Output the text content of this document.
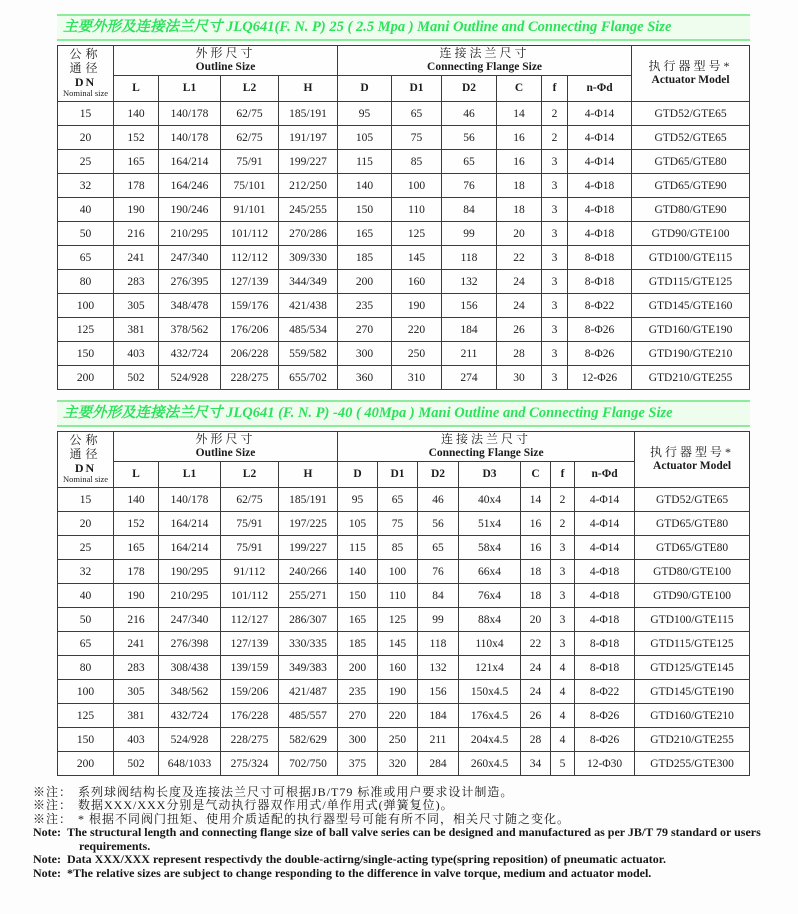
主要外形及连接法兰尺寸 JLQ641(F. N. P) 25 ( 2.5 Mpa ) Mani Outline and Connecting Flange Size
公称
通径
DN
Nominal size

外形尺寸
Outline Size

连接法兰尺寸
Connecting Flange Size	执行器型号*
Actuator Model

	L	L1	L2	H	D	D1	D2	C	f	n-Φd	
15	140	140/178	62/75	185/191	95	65	46	14	2	4-Φ14	GTD52/GTE65
20	152	140/178	62/75	191/197	105	75	56	16	2	4-Φ14	GTD52/GTE65
25	165	164/214	75/91	199/227	115	85	65	16	3	4-Φ14	GTD65/GTE80
32	178	164/246	75/101	212/250	140	100	76	18	3	4-Φ18	GTD65/GTE90
40	190	190/246	91/101	245/255	150	110	84	18	3	4-Φ18	GTD80/GTE90
50	216	210/295	101/112	270/286	165	125	99	20	3	4-Φ18	GTD90/GTE100
65	241	247/340	112/112	309/330	185	145	118	22	3	8-Φ18	GTD100/GTE115
80	283	276/395	127/139	344/349	200	160	132	24	3	8-Φ18	GTD115/GTE125
100	305	348/478	159/176	421/438	235	190	156	24	3	8-Φ22	GTD145/GTE160
125	381	378/562	176/206	485/534	270	220	184	26	3	8-Φ26	GTD160/GTE190
150	403	432/724	206/228	559/582	300	250	211	28	3	8-Φ26	GTD190/GTE210
200	502	524/928	228/275	655/702	360	310	274	30	3	12-Φ26	GTD210/GTE255
主要外形及连接法兰尺寸 JLQ641 (F. N. P) -40 ( 40Mpa ) Mani Outline and Connecting Flange Size
公称
通径
DN
Nominal size

外形尺寸
Outline Size

连接法兰尺寸
Connecting Flange Size	执行器型号*
Actuator Model

	L	L1	L2	H	D	D1	D2	D3	C	f	n-Φd	
15	140	140/178	62/75	185/191	95	65	46	40x4	14	2	4-Φ14	GTD52/GTE65
20	152	164/214	75/91	197/225	105	75	56	51x4	16	2	4-Φ14	GTD65/GTE80
25	165	164/214	75/91	199/227	115	85	65	58x4	16	3	4-Φ14	GTD65/GTE80
32	178	190/295	91/112	240/266	140	100	76	66x4	18	3	4-Φ18	GTD80/GTE100
40	190	210/295	101/112	255/271	150	110	84	76x4	18	3	4-Φ18	GTD90/GTE100
50	216	247/340	112/127	286/307	165	125	99	88x4	20	3	4-Φ18	GTD100/GTE115
65	241	276/398	127/139	330/335	185	145	118	110x4	22	3	8-Φ18	GTD115/GTE125
80	283	308/438	139/159	349/383	200	160	132	121x4	24	4	8-Φ18	GTD125/GTE145
100	305	348/562	159/206	421/487	235	190	156	150x4.5	24	4	8-Φ22	GTD145/GTE190
125	381	432/724	176/228	485/557	270	220	184	176x4.5	26	4	8-Φ26	GTD160/GTE210
150	403	524/928	228/275	582/629	300	250	211	204x4.5	28	4	8-Φ26	GTD210/GTE255
200	502	648/1033	275/324	702/750	375	320	284	260x4.5	34	5	12-Φ30	GTD255/GTE300
※注： 系列球阀结构长度及连接法兰尺寸可根据JB/T79 标准或用户要求设计制造。
※注： 数据XXX/XXX分别是气动执行器双作用式/单作用式(弹簧复位)。
※注： * 根据不同阀门扭矩、使用介质适配的执行器型号可能有所不同，相关尺寸随之变化。
Note: The structural length and connecting flange size of ball valve series can be designed and manufactured as per JB/T 79 standard or users requirements.
Note: Data XXX/XXX represent respectivdy the double-actirng/single-acting type(spring reposition) of pneumatic actuator.
Note: *The relative sizes are subject to change responding to the difference in valve torque, medium and actuator model.
